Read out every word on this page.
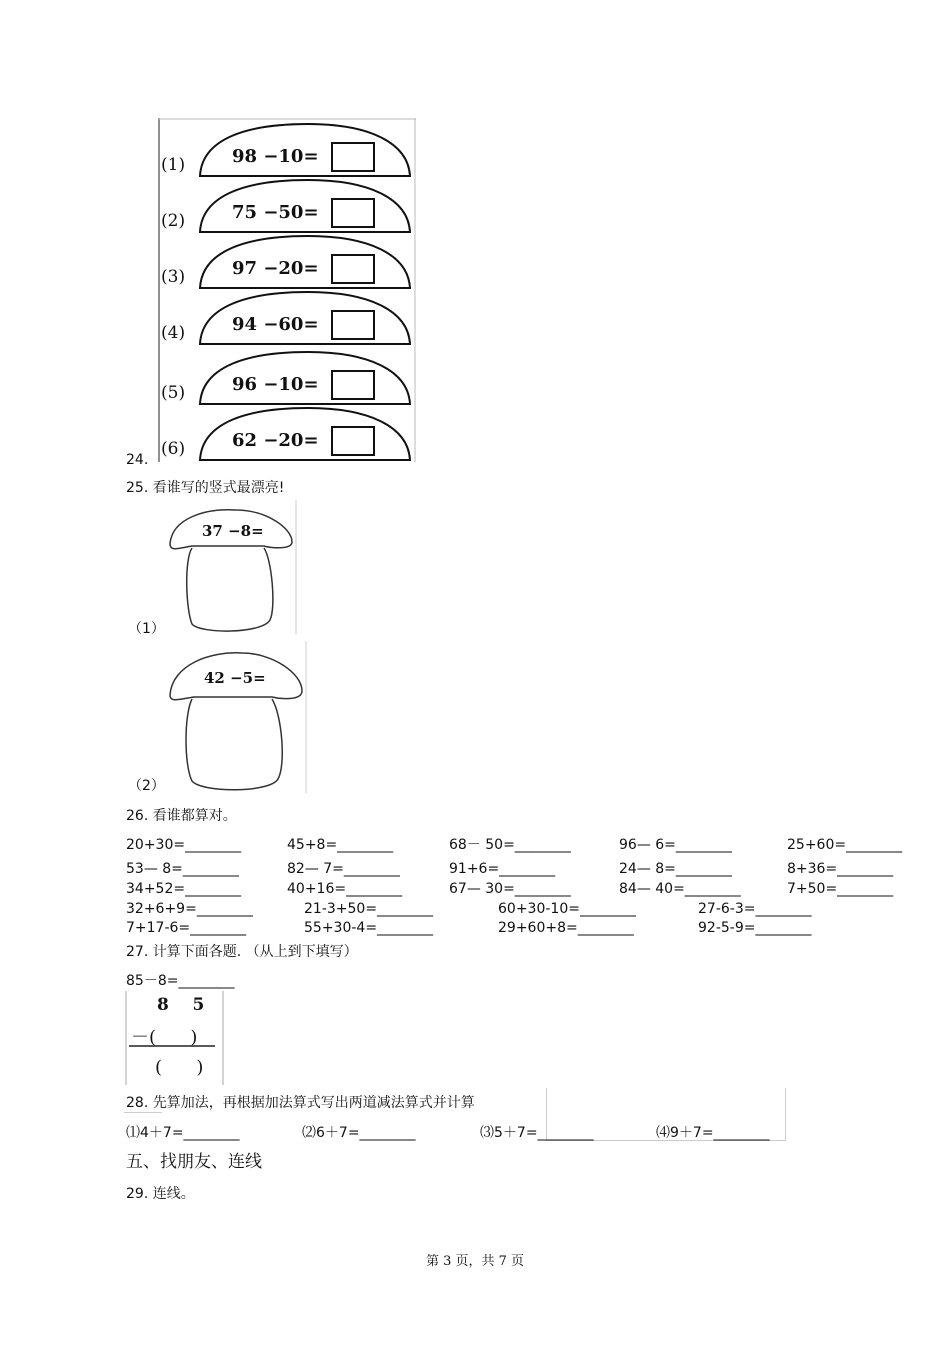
(1)	98 −10=
(2)	75 −50=
(3)	97 −20=
(4)	94 −60=
(5)	96 −10=
(6)	62 −20=
24.
25. 看谁写的竖式最漂亮!
37 −8=
（1）
42 −5=
（2）
26. 看谁都算对。
20+30=________	45+8=________	68－ 50=________	96— 6=________	25+60=________
53— 8=________	82— 7=________	91+6=________	24— 8=________	8+36=________
34+52=________	40+16=________	67— 30=________	84— 40=________	7+50=________
32+6+9=________	21-3+50=________	60+30-10=________	27-6-3=________
7+17-6=________	55+30-4=________	29+60+8=________	92-5-9=________
27. 计算下面各题. （从上到下填写）
85－8=________
8    5
－(      )
(      )
28. 先算加法，再根据加法算式写出两道减法算式并计算
⑴4＋7=________	⑵6＋7=________	⑶5＋7=________	⑷9＋7=________
五、找朋友、连线
29. 连线。
第 3 页，共 7 页
